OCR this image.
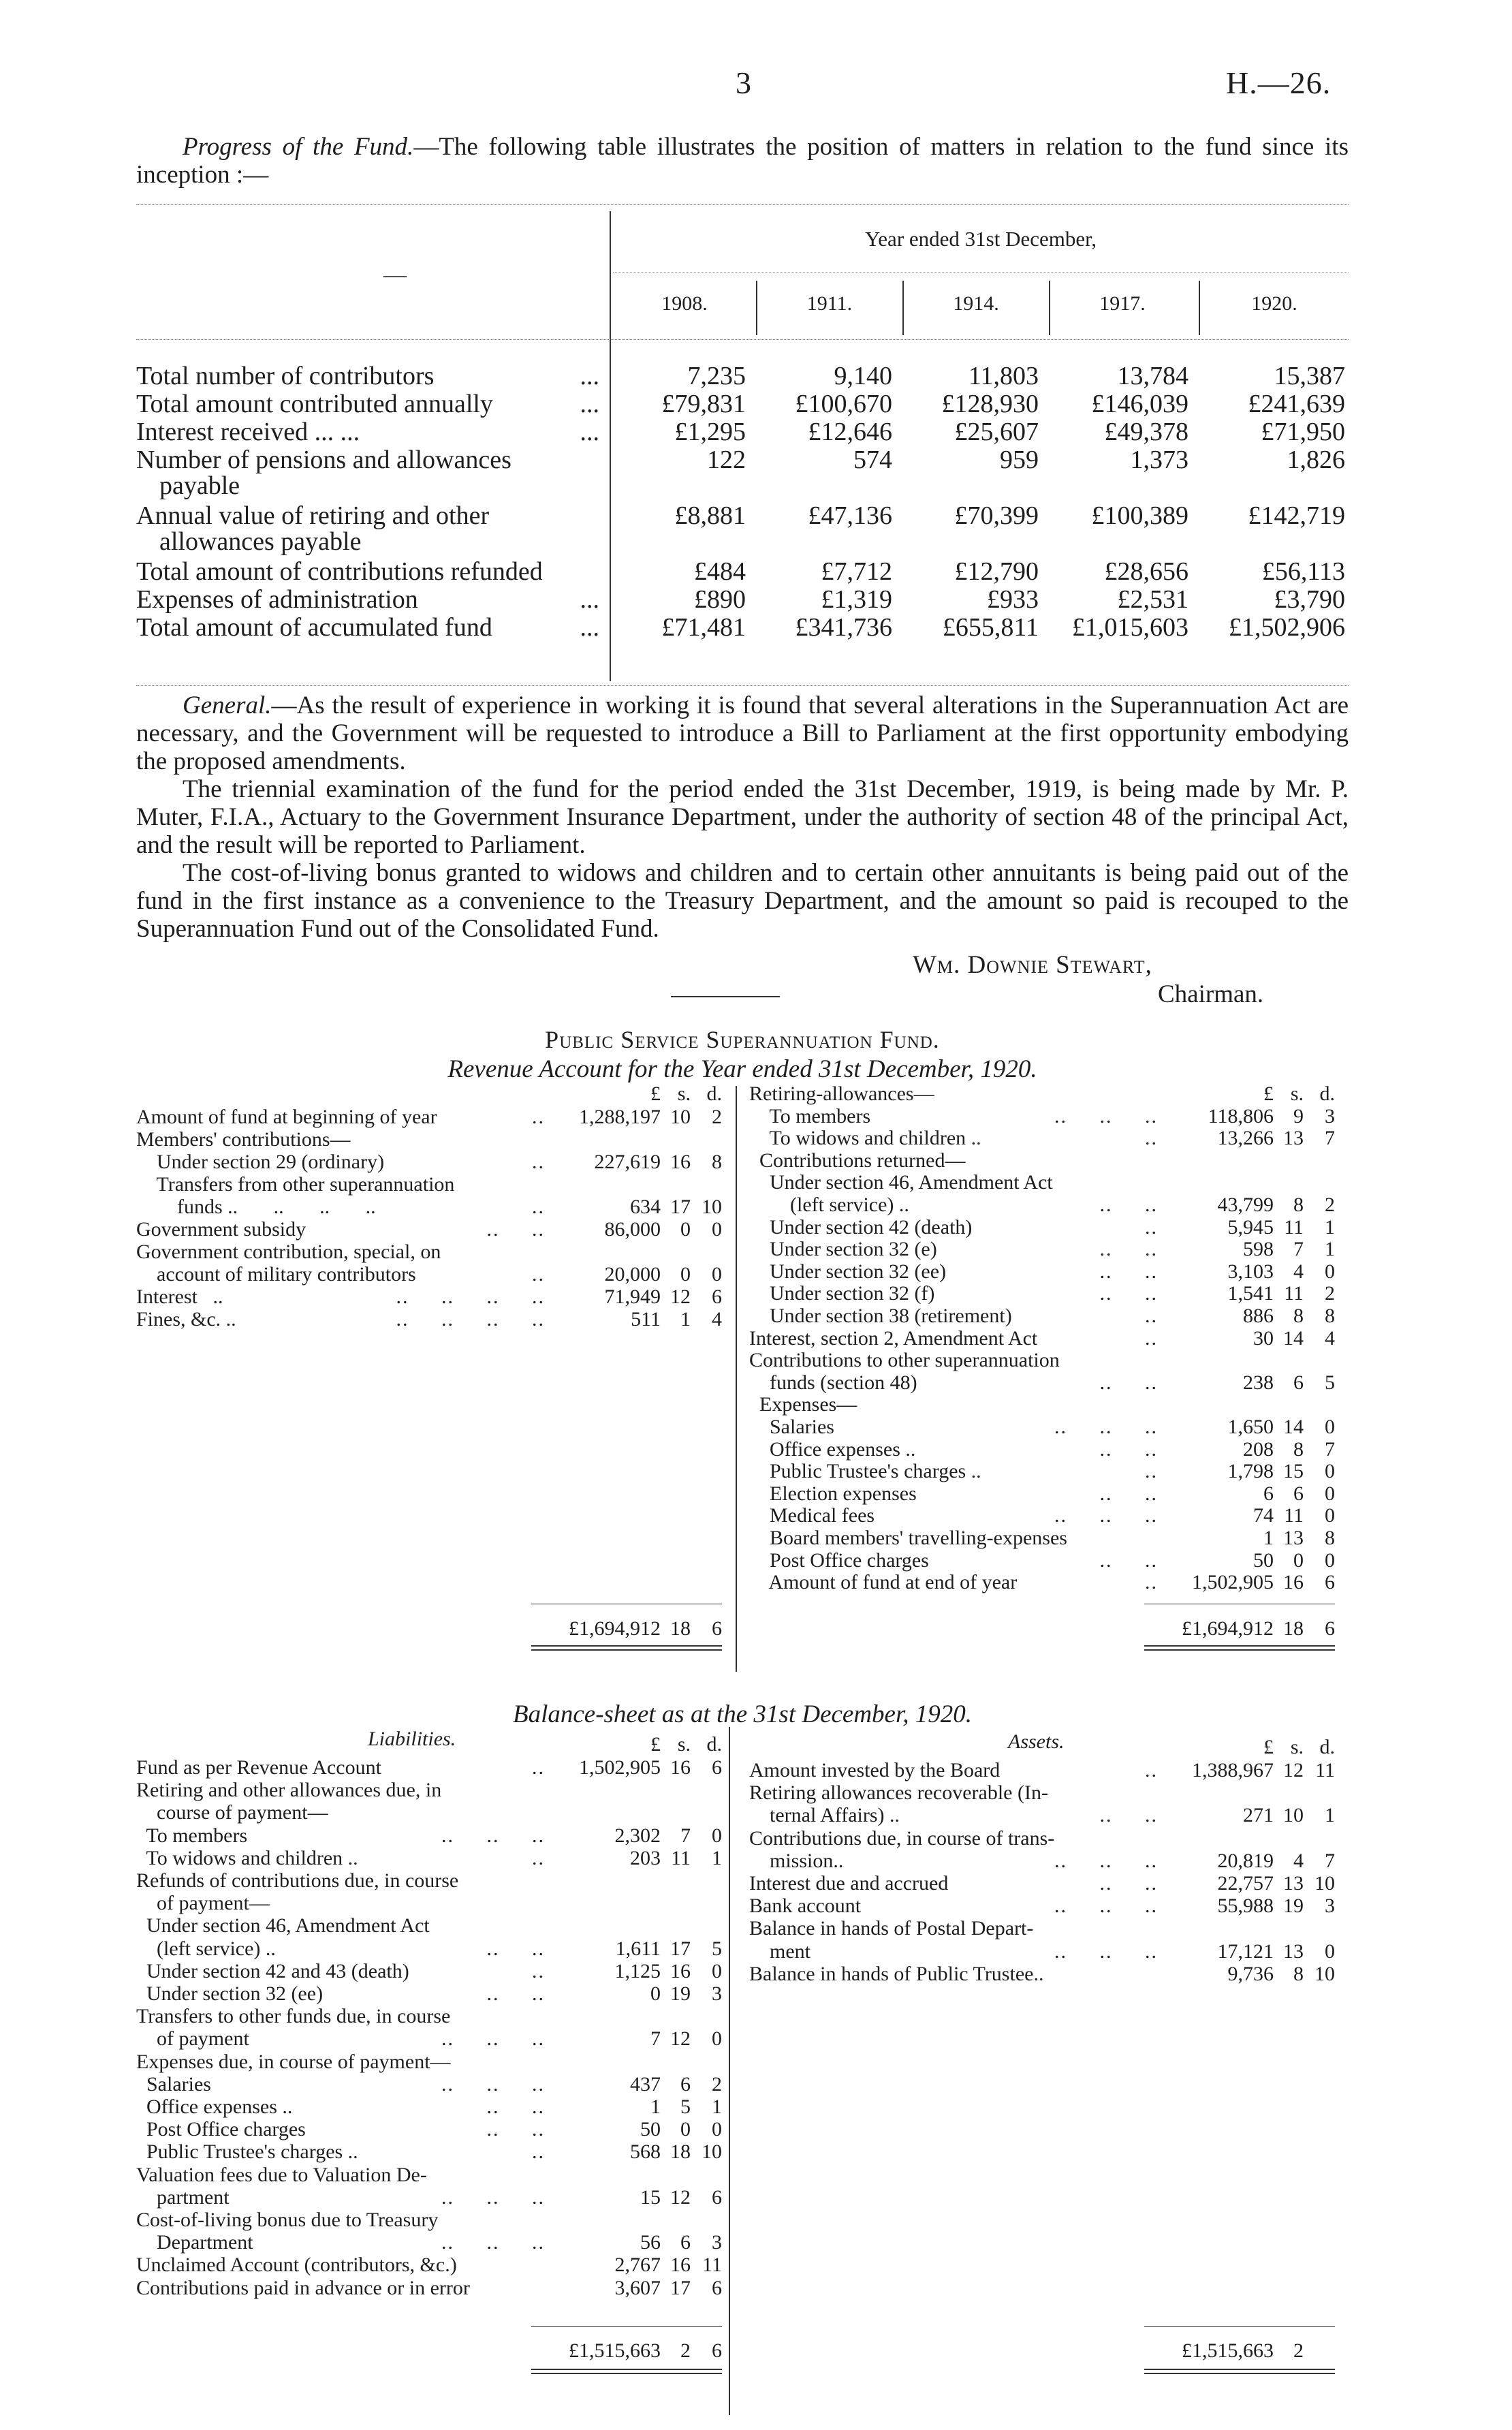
3	H.—26.

Progress of the Fund.—The following table illustrates the position of matters in relation to the fund since its inception :—

Year ended 31st December,
—
1908.	1911.	1914.	1917.	1920.
Total number of contributors	...	7,235	9,140	11,803	13,784	15,387
Total amount contributed annually	...	£79,831	£100,670	£128,930	£146,039	£241,639
Interest received ... ...	...	£1,295	£12,646	£25,607	£49,378	£71,950
Number of pensions and allowances
payable
122	574	959	1,373	1,826
Annual value of retiring and other
allowances payable
£8,881	£47,136	£70,399	£100,389	£142,719
Total amount of contributions refunded	£484	£7,712	£12,790	£28,656	£56,113
Expenses of administration	...	£890	£1,319	£933	£2,531	£3,790
Total amount of accumulated fund	...	£71,481	£341,736	£655,811	£1,015,603	£1,502,906

General.—As the result of experience in working it is found that several alterations in the Superannuation Act are necessary, and the Government will be requested to introduce a Bill to Parliament at the first opportunity embodying the proposed amendments.

The triennial examination of the fund for the period ended the 31st December, 1919, is being made by Mr. P. Muter, F.I.A., Actuary to the Government Insurance Department, under the authority of section 48 of the principal Act, and the result will be reported to Parliament.

The cost-of-living bonus granted to widows and children and to certain other annuitants is being paid out of the fund in the first instance as a convenience to the Treasury Department, and the amount so paid is recouped to the Superannuation Fund out of the Consolidated Fund.

Wm. Downie Stewart,
Chairman.
Public Service Superannuation Fund.
Revenue Account for the Year ended 31st December, 1920.
£ s. d.	£ s. d.
Amount of fund at beginning of year	..	1,288,197 10	2
Members' contributions—
Under section 29 (ordinary)	..	227,619 16	8
Transfers from other superannuation
funds ..       ..       ..       ..	..	634 17 10
Government subsidy	..     ..	86,000 0	0
Government contribution, special, on
account of military contributors	..	20,000 0	0
Interest   ..	..     ..     ..     ..	71,949 12	6
Fines, &c. ..	..     ..     ..     ..	511 1	4
Retiring-allowances—
To members	..     ..     ..	118,806 9	3
To widows and children ..	..	13,266 13	7
Contributions returned—
Under section 46, Amendment Act
(left service) ..	..     ..	43,799 8	2
Under section 42 (death)	..	5,945 11	1
Under section 32 (e)	..     ..	598 7	1
Under section 32 (ee)	..     ..	3,103 4	0
Under section 32 (f)	..     ..	1,541 11	2
Under section 38 (retirement)	..	886 8	8
Interest, section 2, Amendment Act	..	30 14	4
Contributions to other superannuation
funds (section 48)	..     ..	238 6	5
Expenses—
Salaries	..     ..     ..	1,650 14	0
Office expenses ..	..     ..	208 8	7
Public Trustee's charges ..	..	1,798 15	0
Election expenses	..     ..	6 6	0
Medical fees	..     ..     ..	74 11	0
Board members' travelling-expenses	1 13	8
Post Office charges	..     ..	50 0	0
Amount of fund at end of year	..	1,502,905 16	6
£1,694,912 18	6	£1,694,912 18	6
Balance-sheet as at the 31st December, 1920.
Liabilities.	Assets.
£ s. d.	£ s. d.
Fund as per Revenue Account	..	1,502,905 16	6
Retiring and other allowances due, in
course of payment—
To members	..     ..     ..	2,302 7	0
To widows and children ..	..	203 11	1
Refunds of contributions due, in course
of payment—
Under section 46, Amendment Act
(left service) ..	..     ..	1,611 17	5
Under section 42 and 43 (death)	..	1,125 16	0
Under section 32 (ee)	..     ..	0 19	3
Transfers to other funds due, in course
of payment	..     ..     ..	7 12	0
Expenses due, in course of payment—
Salaries	..     ..     ..	437 6	2
Office expenses ..	..     ..	1 5	1
Post Office charges	..     ..	50 0	0
Public Trustee's charges ..	..	568 18 10
Valuation fees due to Valuation De-
partment	..     ..     ..	15 12	6
Cost-of-living bonus due to Treasury
Department	..     ..     ..	56 6	3
Unclaimed Account (contributors, &c.)	2,767 16 11
Contributions paid in advance or in error	3,607 17	6
Amount invested by the Board	..	1,388,967 12 11
Retiring allowances recoverable (In-
ternal Affairs) ..	..     ..	271 10	1
Contributions due, in course of trans-
mission..	..     ..     ..	20,819 4	7
Interest due and accrued	..     ..	22,757 13 10
Bank account	..     ..     ..	55,988 19	3
Balance in hands of Postal Depart-
ment	..     ..     ..	17,121 13	0
Balance in hands of Public Trustee..	9,736 8 10
£1,515,663 2	6	£1,515,663 2
